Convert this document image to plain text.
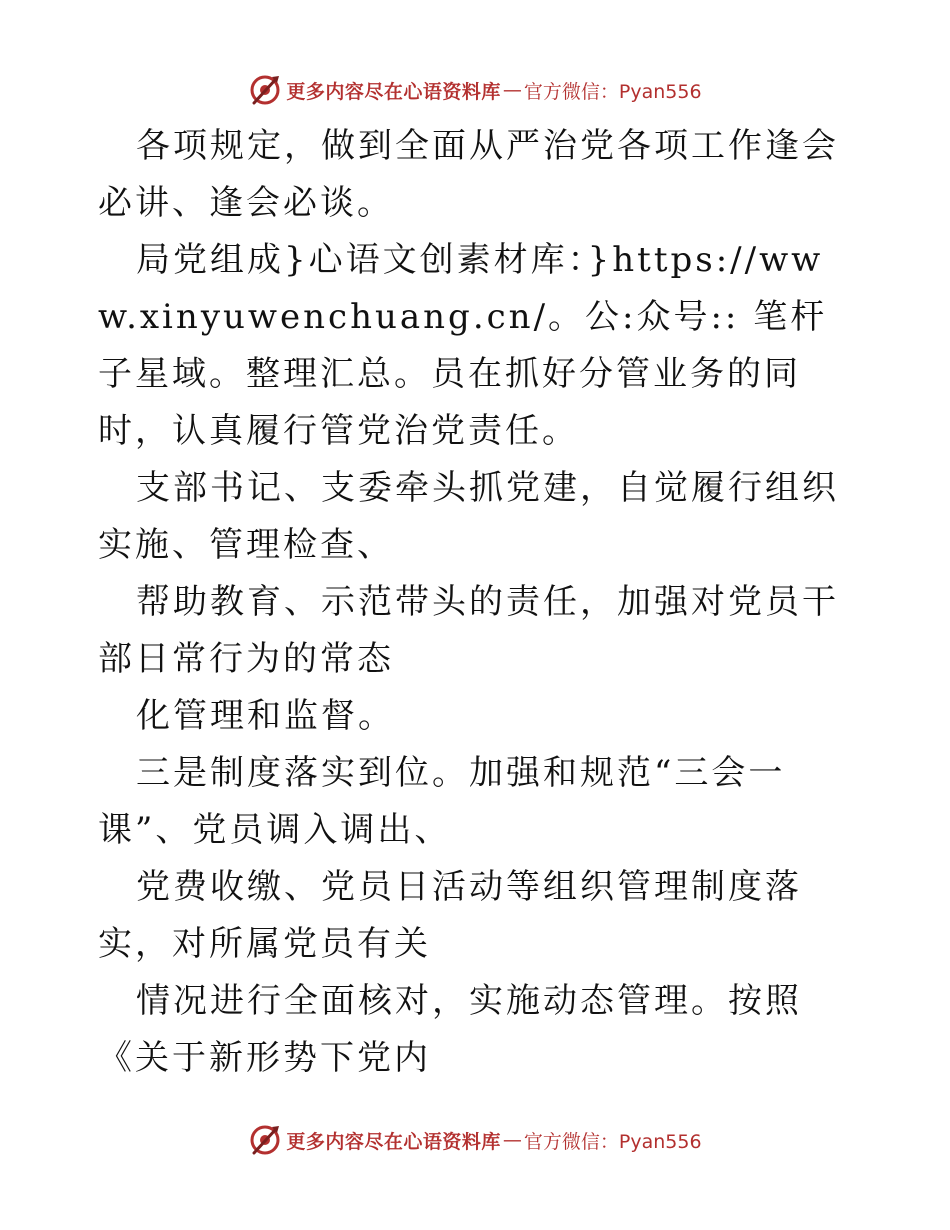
更多内容尽在心语资料库 — 官方微信：Pyan556

各项规定，做到全面从严治党各项工作逢会必讲、逢会必谈。

局党组成}心语文创素材库：}https://www.xinyuwenchuang.cn/。公:众号:: 笔杆子星域。整理汇总。员在抓好分管业务的同时，认真履行管党治党责任。

支部书记、支委牵头抓党建，自觉履行组织实施、管理检查、

帮助教育、示范带头的责任，加强对党员干部日常行为的常态

化管理和监督。

三是制度落实到位。加强和规范“三会一课”、党员调入调出、

党费收缴、党员日活动等组织管理制度落实，对所属党员有关

情况进行全面核对，实施动态管理。按照《关于新形势下党内

更多内容尽在心语资料库 — 官方微信：Pyan556
